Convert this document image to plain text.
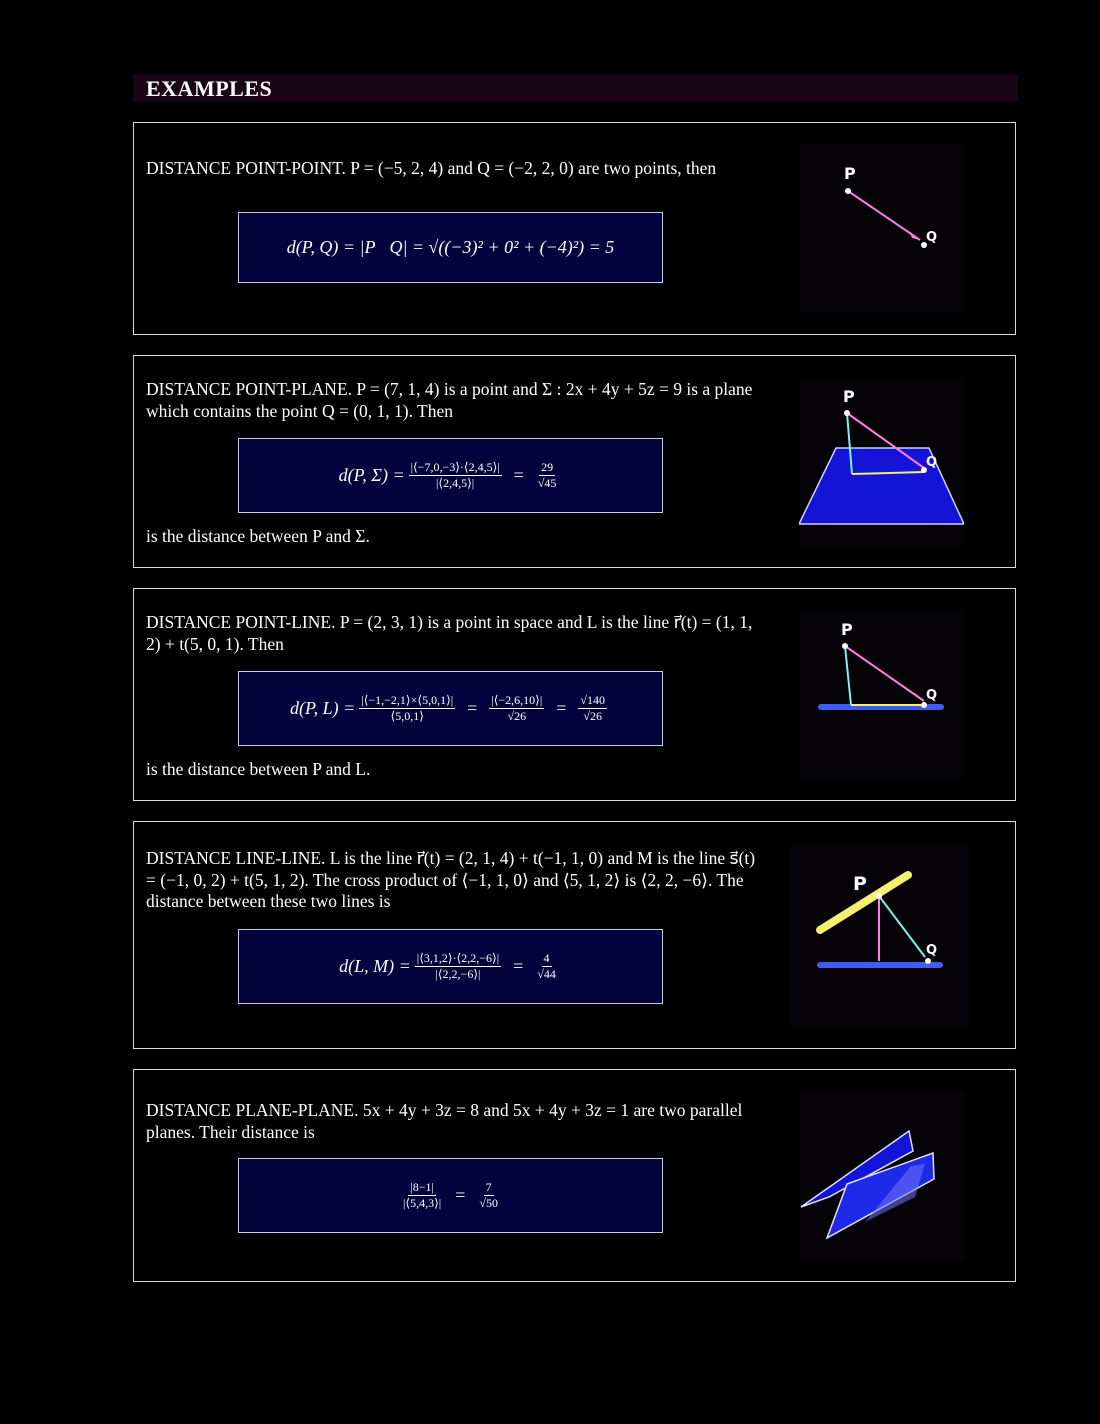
EXAMPLES
DISTANCE POINT-POINT. P = (−5, 2, 4) and Q = (−2, 2, 0) are two points, then
d(P, Q) = |P⃗Q| = √((−3)² + 0² + (−4)²) = 5
P
Q
DISTANCE POINT-PLANE. P = (7, 1, 4) is a point and Σ : 2x + 4y + 5z = 9 is a plane which contains the point Q = (0, 1, 1). Then
d(P, $\Sigma) = \frac{|⟨-7,0,-3⟩\cdot⟨2,4,5⟩|}{|⟨2,4,5⟩|} = \frac{29}{√45}$
is the distance between P and Σ.
P
Q
DISTANCE POINT-LINE. P = (2, 3, 1) is a point in space and L is the line r⃗(t) = (1, 1, 2) + t(5, 0, 1). Then
d(P, $L) = \frac{|⟨-1,-2,1⟩\times⟨5,0,1⟩|}{⟨5,0,1⟩} = \frac{|⟨-2,6,10⟩|}{√26} = \frac{√140}{√26}$
is the distance between P and L.
P
Q
DISTANCE LINE-LINE. L is the line r⃗(t) = (2, 1, 4) + t(−1, 1, 0) and M is the line s⃗(t) = (−1, 0, 2) + t(5, 1, 2). The cross product of ⟨−1, 1, 0⟩ and ⟨5, 1, 2⟩ is ⟨2, 2, −6⟩. The distance between these two lines is
d(L, $M) = \frac{|⟨3,1,2⟩\cdot⟨2,2,-6⟩|}{|⟨2,2,-6⟩|} = \frac{4}{√44}$
P
Q
DISTANCE PLANE-PLANE. 5x + 4y + 3z = 8 and 5x + 4y + 3z = 1 are two parallel planes. Their distance is
$\frac{|8-1|}{|⟨5,4,3⟩|} = \frac{7}{√50}$
